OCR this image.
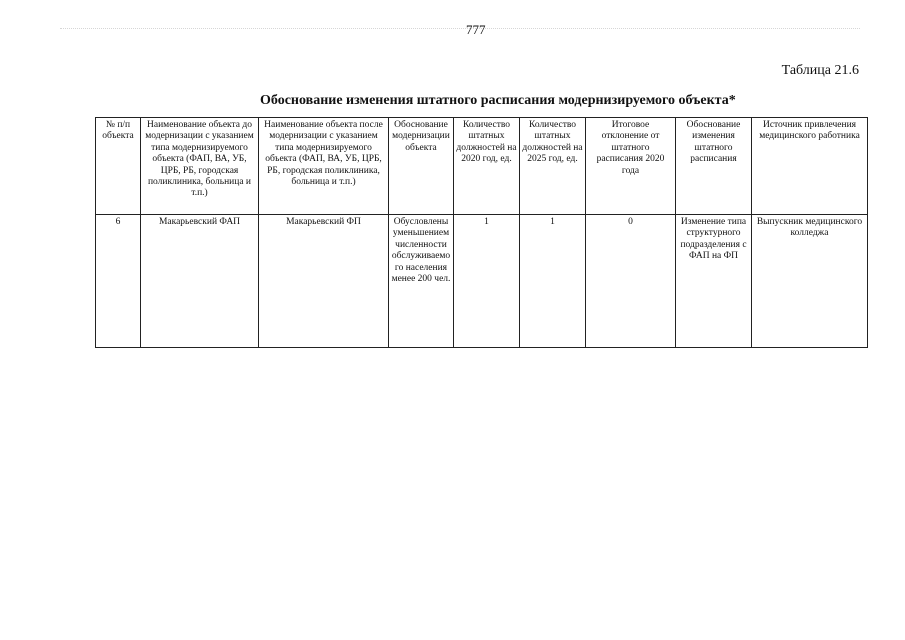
777
Таблица 21.6
Обоснование изменения штатного расписания модернизируемого объекта*
№ п/п объекта	Наименование объекта до модернизации с указанием типа модернизируемого объекта (ФАП, ВА, УБ, ЦРБ, РБ, городская поликлиника, больница и т.п.)	Наименование объекта после модернизации с указанием типа модернизируемого объекта (ФАП, ВА, УБ, ЦРБ, РБ, городская поликлиника, больница и т.п.)	Обоснование модернизации объекта	Количество штатных должностей на 2020 год, ед.	Количество штатных должностей на 2025 год, ед.	Итоговое отклонение от штатного расписания 2020 года	Обоснование изменения штатного расписания	Источник привлечения медицинского работника
6	Макарьевский ФАП	Макарьевский ФП	Обусловлены уменьшением численности обслуживаемого населения менее 200 чел.	1	1	0	Изменение типа структурного подразделения с ФАП на ФП	Выпускник медицинского колледжа
